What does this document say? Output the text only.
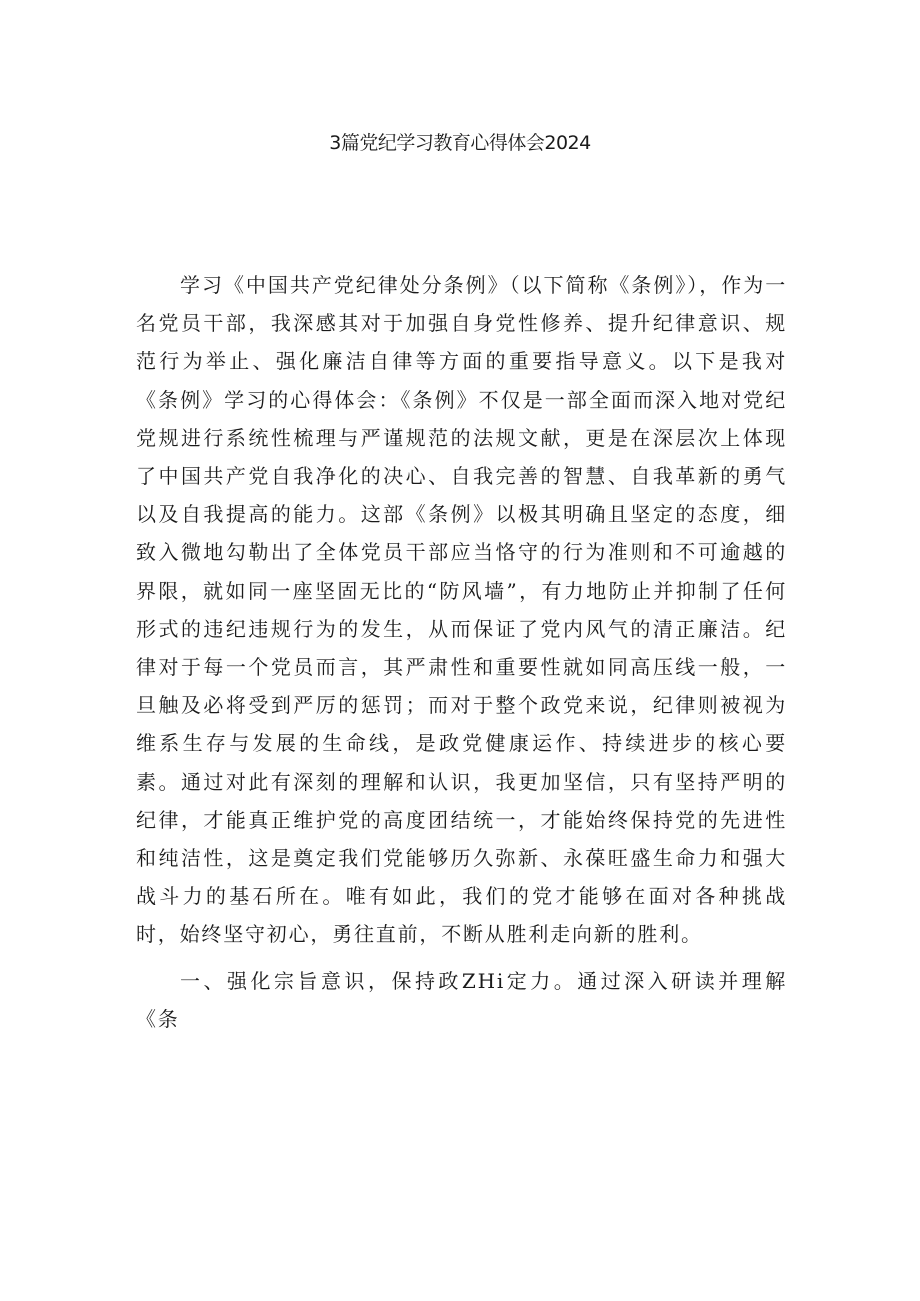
3篇党纪学习教育心得体会2024

学习《中国共产党纪律处分条例》（以下简称《条例》），作为一名党员干部，我深感其对于加强自身党性修养、提升纪律意识、规范行为举止、强化廉洁自律等方面的重要指导意义。以下是我对《条例》学习的心得体会：《条例》不仅是一部全面而深入地对党纪党规进行系统性梳理与严谨规范的法规文献，更是在深层次上体现了中国共产党自我净化的决心、自我完善的智慧、自我革新的勇气以及自我提高的能力。这部《条例》以极其明确且坚定的态度，细致入微地勾勒出了全体党员干部应当恪守的行为准则和不可逾越的界限，就如同一座坚固无比的“防风墙”，有力地防止并抑制了任何形式的违纪违规行为的发生，从而保证了党内风气的清正廉洁。纪律对于每一个党员而言，其严肃性和重要性就如同高压线一般，一旦触及必将受到严厉的惩罚；而对于整个政党来说，纪律则被视为维系生存与发展的生命线，是政党健康运作、持续进步的核心要素。通过对此有深刻的理解和认识，我更加坚信，只有坚持严明的纪律，才能真正维护党的高度团结统一，才能始终保持党的先进性和纯洁性，这是奠定我们党能够历久弥新、永葆旺盛生命力和强大战斗力的基石所在。唯有如此，我们的党才能够在面对各种挑战时，始终坚守初心，勇往直前，不断从胜利走向新的胜利。

一、强化宗旨意识，保持政ZHi定力。通过深入研读并理解《条
